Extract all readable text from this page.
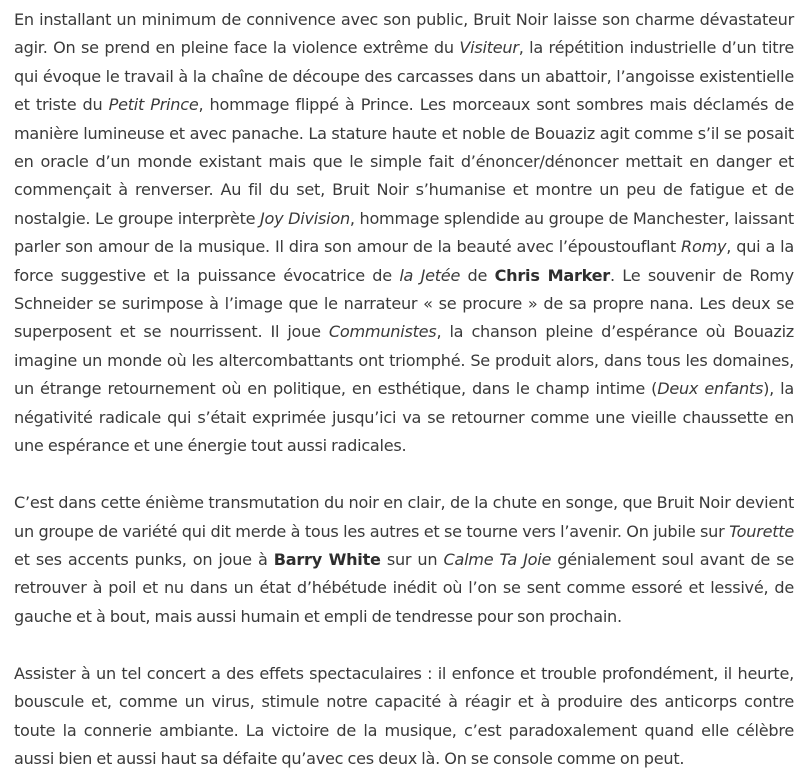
En installant un minimum de connivence avec son public, Bruit Noir laisse son charme dévastateur agir. On se prend en pleine face la violence extrême du Visiteur, la répétition industrielle d’un titre qui évoque le travail à la chaîne de découpe des carcasses dans un abattoir, l’angoisse existentielle et triste du Petit Prince, hommage flippé à Prince. Les morceaux sont sombres mais déclamés de manière lumineuse et avec panache. La stature haute et noble de Bouaziz agit comme s’il se posait en oracle d’un monde existant mais que le simple fait d’énoncer/dénoncer mettait en danger et commençait à renverser. Au fil du set, Bruit Noir s’humanise et montre un peu de fatigue et de nostalgie. Le groupe interprète Joy Division, hommage splendide au groupe de Manchester, laissant parler son amour de la musique. Il dira son amour de la beauté avec l’époustouflant Romy, qui a la force suggestive et la puissance évocatrice de la Jetée de Chris Marker. Le souvenir de Romy Schneider se surimpose à l’image que le narrateur « se procure » de sa propre nana. Les deux se superposent et se nourrissent. Il joue Communistes, la chanson pleine d’espérance où Bouaziz imagine un monde où les altercombattants ont triomphé. Se produit alors, dans tous les domaines, un étrange retournement où en politique, en esthétique, dans le champ intime (Deux enfants), la négativité radicale qui s’était exprimée jusqu’ici va se retourner comme une vieille chaussette en une espérance et une énergie tout aussi radicales.

C’est dans cette énième transmutation du noir en clair, de la chute en songe, que Bruit Noir devient un groupe de variété qui dit merde à tous les autres et se tourne vers l’avenir. On jubile sur Tourette et ses accents punks, on joue à Barry White sur un Calme Ta Joie génialement soul avant de se retrouver à poil et nu dans un état d’hébétude inédit où l’on se sent comme essoré et lessivé, de gauche et à bout, mais aussi humain et empli de tendresse pour son prochain.

Assister à un tel concert a des effets spectaculaires : il enfonce et trouble profondément, il heurte, bouscule et, comme un virus, stimule notre capacité à réagir et à produire des anticorps contre toute la connerie ambiante. La victoire de la musique, c’est paradoxalement quand elle célèbre aussi bien et aussi haut sa défaite qu’avec ces deux là. On se console comme on peut.
